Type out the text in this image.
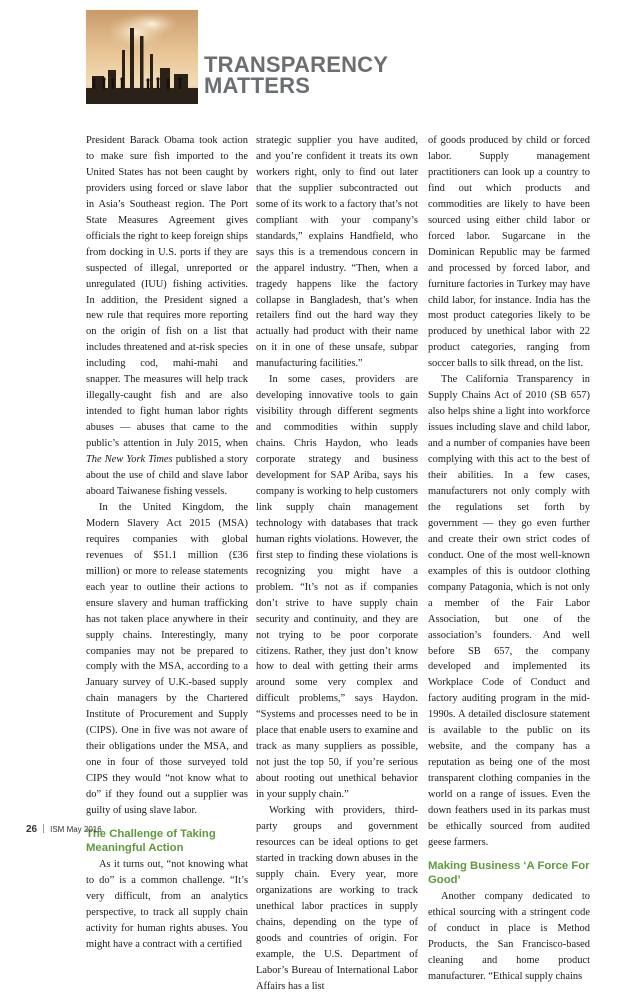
TRANSPARENCY
MATTERS

President Barack Obama took action to make sure fish imported to the United States has not been caught by providers using forced or slave labor in Asia’s Southeast region. The Port State Measures Agreement gives officials the right to keep foreign ships from docking in U.S. ports if they are suspected of illegal, unreported or unregulated (IUU) fishing activities. In addition, the President signed a new rule that requires more reporting on the origin of fish on a list that includes threatened and at-risk species including cod, mahi-mahi and snapper. The measures will help track illegally-caught fish and are also intended to fight human labor rights abuses — abuses that came to the public’s attention in July 2015, when The New York Times published a story about the use of child and slave labor aboard Taiwanese fishing vessels.

In the United Kingdom, the Modern Slavery Act 2015 (MSA) requires companies with global revenues of $51.1 million (£36 million) or more to release statements each year to outline their actions to ensure slavery and human trafficking has not taken place anywhere in their supply chains. Interestingly, many companies may not be prepared to comply with the MSA, according to a January survey of U.K.-based supply chain managers by the Chartered Institute of Procurement and Supply (CIPS). One in five was not aware of their obligations under the MSA, and one in four of those surveyed told CIPS they would “not know what to do” if they found out a supplier was guilty of using slave labor.

The Challenge of Taking Meaningful Action

As it turns out, “not knowing what to do” is a common challenge. “It’s very difficult, from an analytics perspective, to track all supply chain activity for human rights abuses. You might have a contract with a certified

strategic supplier you have audited, and you’re confident it treats its own workers right, only to find out later that the supplier subcontracted out some of its work to a factory that’s not compliant with your company’s standards,” explains Handfield, who says this is a tremendous concern in the apparel industry. “Then, when a tragedy happens like the factory collapse in Bangladesh, that’s when retailers find out the hard way they actually had product with their name on it in one of these unsafe, subpar manufacturing facilities.”

In some cases, providers are developing innovative tools to gain visibility through different segments and commodities within supply chains. Chris Haydon, who leads corporate strategy and business development for SAP Ariba, says his company is working to help customers link supply chain management technology with databases that track human rights violations. However, the first step to finding these violations is recognizing you might have a problem. “It’s not as if companies don’t strive to have supply chain security and continuity, and they are not trying to be poor corporate citizens. Rather, they just don’t know how to deal with getting their arms around some very complex and difficult problems,” says Haydon. “Systems and processes need to be in place that enable users to examine and track as many suppliers as possible, not just the top 50, if you’re serious about rooting out unethical behavior in your supply chain.”

Working with providers, third-party groups and government resources can be ideal options to get started in tracking down abuses in the supply chain. Every year, more organizations are working to track unethical labor practices in supply chains, depending on the type of goods and countries of origin. For example, the U.S. Department of Labor’s Bureau of International Labor Affairs has a list

of goods produced by child or forced labor. Supply management practitioners can look up a country to find out which products and commodities are likely to have been sourced using either child labor or forced labor. Sugarcane in the Dominican Republic may be farmed and processed by forced labor, and furniture factories in Turkey may have child labor, for instance. India has the most product categories likely to be produced by unethical labor with 22 product categories, ranging from soccer balls to silk thread, on the list.

The California Transparency in Supply Chains Act of 2010 (SB 657) also helps shine a light into workforce issues including slave and child labor, and a number of companies have been complying with this act to the best of their abilities. In a few cases, manufacturers not only comply with the regulations set forth by government — they go even further and create their own strict codes of conduct. One of the most well-known examples of this is outdoor clothing company Patagonia, which is not only a member of the Fair Labor Association, but one of the association’s founders. And well before SB 657, the company developed and implemented its Workplace Code of Conduct and factory auditing program in the mid-1990s. A detailed disclosure statement is available to the public on its website, and the company has a reputation as being one of the most transparent clothing companies in the world on a range of issues. Even the down feathers used in its parkas must be ethically sourced from audited geese farmers.

Making Business ‘A Force For Good’

Another company dedicated to ethical sourcing with a stringent code of conduct in place is Method Products, the San Francisco-based cleaning and home product manufacturer. “Ethical supply chains

26 ISM May 2016
